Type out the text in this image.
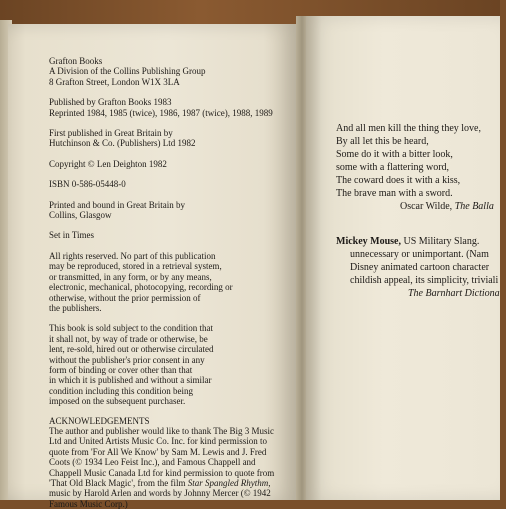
Grafton Books

A Division of the Collins Publishing Group

8 Grafton Street, London W1X 3LA

Published by Grafton Books 1983

Reprinted 1984, 1985 (twice), 1986, 1987 (twice), 1988, 1989

First published in Great Britain by

Hutchinson & Co. (Publishers) Ltd 1982

Copyright © Len Deighton 1982

ISBN 0-586-05448-0

Printed and bound in Great Britain by

Collins, Glasgow

Set in Times

All rights reserved. No part of this publication

may be reproduced, stored in a retrieval system,

or transmitted, in any form, or by any means,

electronic, mechanical, photocopying, recording or

otherwise, without the prior permission of

the publishers.

This book is sold subject to the condition that

it shall not, by way of trade or otherwise, be

lent, re-sold, hired out or otherwise circulated

without the publisher's prior consent in any

form of binding or cover other than that

in which it is published and without a similar

condition including this condition being

imposed on the subsequent purchaser.

ACKNOWLEDGEMENTS

The author and publisher would like to thank The Big 3 Music

Ltd and United Artists Music Co. Inc. for kind permission to

quote from 'For All We Know' by Sam M. Lewis and J. Fred

Coots (© 1934 Leo Feist Inc.), and Famous Chappell and

Chappell Music Canada Ltd for kind permission to quote from

'That Old Black Magic', from the film Star Spangled Rhythm,

music by Harold Arlen and words by Johnny Mercer (© 1942

Famous Music Corp.)

And all men kill the thing they love,

By all let this be heard,

Some do it with a bitter look,

some with a flattering word,

The coward does it with a kiss,

The brave man with a sword.

Oscar Wilde, The Balla

Mickey Mouse, US Military Slang.

unnecessary or unimportant. (Nam

Disney animated cartoon character

childish appeal, its simplicity, triviali

The Barnhart Dictiona
